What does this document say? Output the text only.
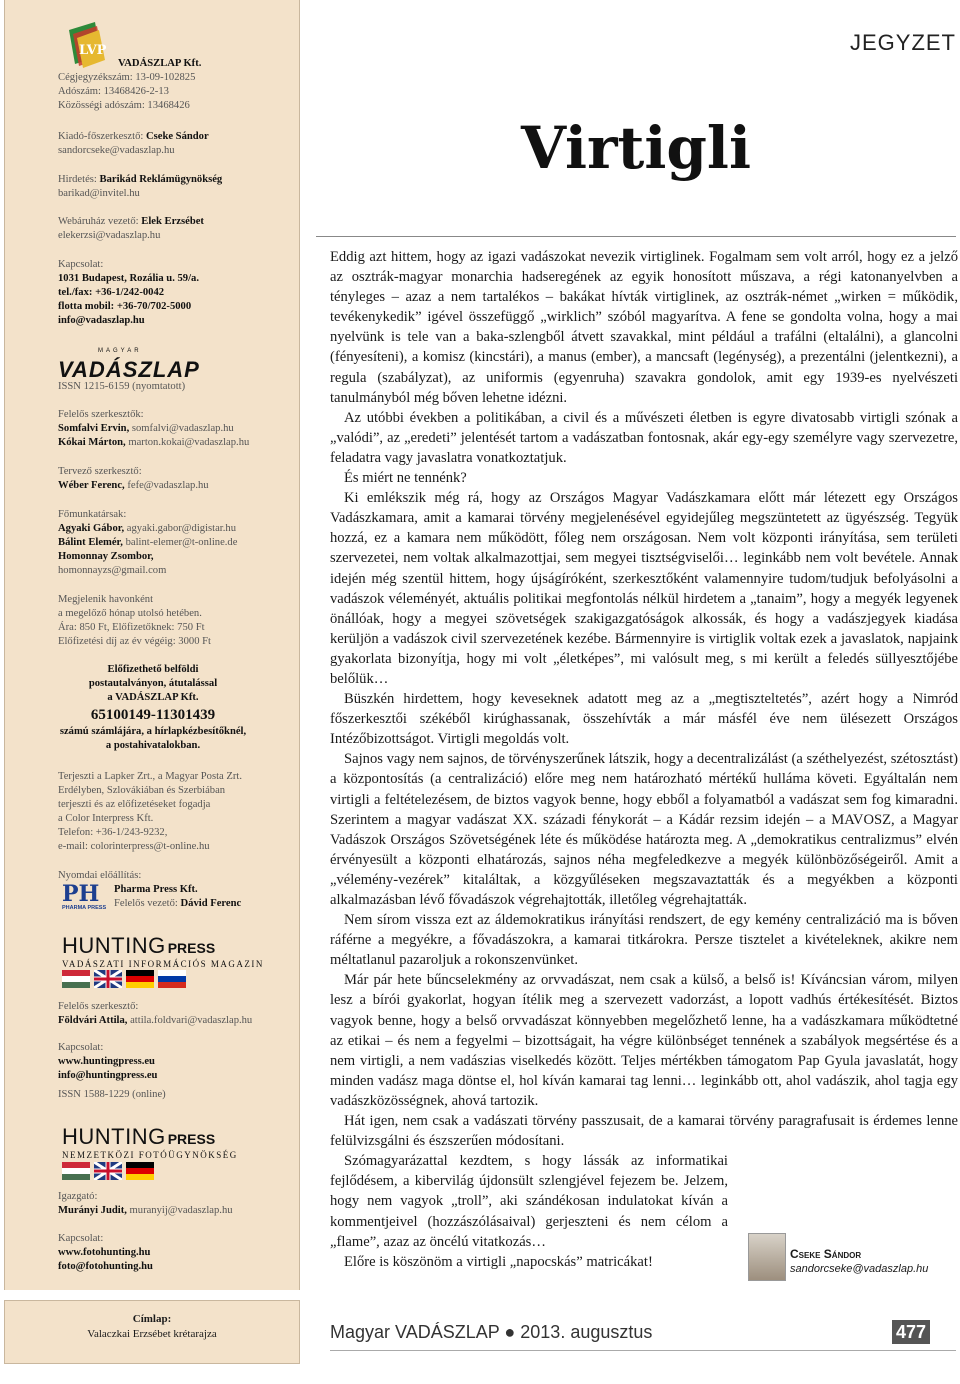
LVP
VADÁSZLAP Kft.
Cégjegyzékszám: 13-09-102825
Adószám: 13468426-2-13
Közösségi adószám: 13468426
Kiadó-főszerkesztő: Cseke Sándor
sandorcseke@vadaszlap.hu
Hirdetés: Barikád Reklámügynökség
barikad@invitel.hu
Webáruház vezető: Elek Erzsébet
elekerzsi@vadaszlap.hu
Kapcsolat:
1031 Budapest, Rozália u. 59/a.
tel./fax: +36-1/242-0042
flotta mobil: +36-70/702-5000
info@vadaszlap.hu
MAGYAR
VADÁSZLAP
ISSN 1215-6159 (nyomtatott)
Felelős szerkesztők:
Somfalvi Ervin, somfalvi@vadaszlap.hu
Kókai Márton, marton.kokai@vadaszlap.hu
Tervező szerkesztő:
Wéber Ferenc, fefe@vadaszlap.hu
Főmunkatársak:
Agyaki Gábor, agyaki.gabor@digistar.hu
Bálint Elemér, balint-elemer@t-online.de
Homonnay Zsombor,
homonnayzs@gmail.com
Megjelenik havonként
a megelőző hónap utolsó hetében.
Ára: 850 Ft, Előfizetőknek: 750 Ft
Előfizetési díj az év végéig: 3000 Ft
Előfizethető belföldi
postautalványon, átutalással
a VADÁSZLAP Kft.
65100149-11301439
számú számlájára, a hírlapkézbesítőknél,
a postahivatalokban.
Terjeszti a Lapker Zrt., a Magyar Posta Zrt.
Erdélyben, Szlovákiában és Szerbiában
terjeszti és az előfizetéseket fogadja
a Color Interpress Kft.
Telefon: +36-1/243-9232,
e-mail: colorinterpress@t-online.hu
Nyomdai előállítás:
PH
PHARMA PRESS
Pharma Press Kft.
Felelős vezető: Dávid Ferenc
HUNTING PRESS
VADÁSZATI INFORMÁCIÓS MAGAZIN
Felelős szerkesztő:
Földvári Attila, attila.foldvari@vadaszlap.hu
Kapcsolat:
www.huntingpress.eu
info@huntingpress.eu
ISSN 1588-1229 (online)
HUNTING PRESS
NEMZETKÖZI FOTÓÜGYNÖKSÉG
Igazgató:
Murányi Judit, muranyij@vadaszlap.hu
Kapcsolat:
www.fotohunting.hu
foto@fotohunting.hu
Címlap:
Valaczkai Erzsébet krétarajza
JEGYZET
Virtigli

Eddig azt hittem, hogy az igazi vadászokat nevezik virtiglinek. Fogalmam sem volt arról, hogy ez a jelző az osztrák-magyar monarchia hadseregének az egyik honosított műszava, a régi katonanyelvben a tényleges – azaz a nem tartalékos – bakákat hívták virtiglinek, az osztrák-német „wirken = működik, tevékenykedik” igével összefüggő „wirklich” szóból magyarítva. A fene se gondolta volna, hogy a mai nyelvünk is tele van a baka-szlengből átvett szavakkal, mint például a trafálni (eltalálni), a glancolni (fényesíteni), a komisz (kincstári), a manus (ember), a mancsaft (legénység), a prezentálni (jelentkezni), a regula (szabályzat), az uniformis (egyenruha) szavakra gondolok, amit egy 1939-es nyelvészeti tanulmányból még bőven lehetne idézni.

Az utóbbi években a politikában, a civil és a művészeti életben is egyre divatosabb virtigli szónak a „valódi”, az „eredeti” jelentését tartom a vadászatban fontosnak, akár egy-egy személyre vagy szervezetre, feladatra vagy javaslatra vonatkoztatjuk.

És miért ne tennénk?

Ki emlékszik még rá, hogy az Országos Magyar Vadászkamara előtt már létezett egy Országos Vadászkamara, amit a kamarai törvény megjelenésével egyidejűleg megszüntetett az ügyészség. Tegyük hozzá, ez a kamara nem működött, főleg nem országosan. Nem volt központi irányítása, sem területi szervezetei, nem voltak alkalmazottjai, sem megyei tisztségviselői… leginkább nem volt bevétele. Annak idején még szentül hittem, hogy újságíróként, szerkesztőként valamennyire tudom/tudjuk befolyásolni a vadászok véleményét, aktuális politikai megfontolás nélkül hirdetem a „tanaim”, hogy a megyék legyenek önállóak, hogy a megyei szövetségek szakigazgatóságok alkossák, és hogy a vadászjegyek kiadása kerüljön a vadászok civil szervezetének kezébe. Bármennyire is virtiglik voltak ezek a javaslatok, napjaink gyakorlata bizonyítja, hogy mi volt „életképes”, mi valósult meg, s mi került a feledés süllyesztőjébe belőlük…

Büszkén hirdettem, hogy keveseknek adatott meg az a „megtiszteltetés”, azért hogy a Nimród főszerkesztői székéből kirúghassanak, összehívták a már másfél éve nem ülésezett Országos Intézőbizottságot. Virtigli megoldás volt.

Sajnos vagy nem sajnos, de törvényszerűnek látszik, hogy a decentralizálást (a széthelyezést, szétosztást) a központosítás (a centralizáció) előre meg nem határozható mértékű hulláma követi. Egyáltalán nem virtigli a feltételezésem, de biztos vagyok benne, hogy ebből a folyamatból a vadászat sem fog kimaradni. Szerintem a magyar vadászat XX. századi fénykorát – a Kádár rezsim idején – a MAVOSZ, a Magyar Vadászok Országos Szövetségének léte és működése határozta meg. A „demokratikus centralizmus” elvén érvényesült a központi elhatározás, sajnos néha megfeledkezve a megyék különbözőségeiről. Amit a „vélemény-vezérek” kitaláltak, a közgyűléseken megszavaztatták és a megyékben a központi alkalmazásban lévő fővadászok végrehajtották, illetőleg végrehajtatták.

Nem sírom vissza ezt az áldemokratikus irányítási rendszert, de egy kemény centralizáció ma is bőven ráférne a megyékre, a fővadászokra, a kamarai titkárokra. Persze tisztelet a kivételeknek, akikre nem méltatlanul pazaroljuk a rokonszenvünket.

Már pár hete bűncselekmény az orvvadászat, nem csak a külső, a belső is! Kíváncsian várom, milyen lesz a bírói gyakorlat, hogyan ítélik meg a szervezett vadorzást, a lopott vadhús értékesítését. Biztos vagyok benne, hogy a belső orvvadászat könnyebben megelőzhető lenne, ha a vadászkamara működtetné az etikai – és nem a fegyelmi – bizottságait, ha végre különbséget tennének a szabályok megsértése és a nem virtigli, a nem vadászias viselkedés között. Teljes mértékben támogatom Pap Gyula javaslatát, hogy minden vadász maga döntse el, hol kíván kamarai tag lenni… leginkább ott, ahol vadászik, ahol tagja egy vadászközösségnek, ahová tartozik.

Hát igen, nem csak a vadászati törvény passzusait, de a kamarai törvény paragrafusait is érdemes lenne felülvizsgálni és észszerűen módosítani.

Szómagyarázattal kezdtem, s hogy lássák az informatikai fejlődésem, a kibervilág újdonsült szlengjével fejezem be. Jelzem, hogy nem vagyok „troll”, aki szándékosan indulatokat kíván a kommentjeivel (hozzászólásaival) gerjeszteni és nem célom a „flame”, azaz az öncélú vitatkozás…

Előre is köszönöm a virtigli „napocskás” matricákat!	Cseke Sándor
sandorcseke@vadaszlap.hu
Magyar VADÁSZLAP ● 2013. augusztus	477
